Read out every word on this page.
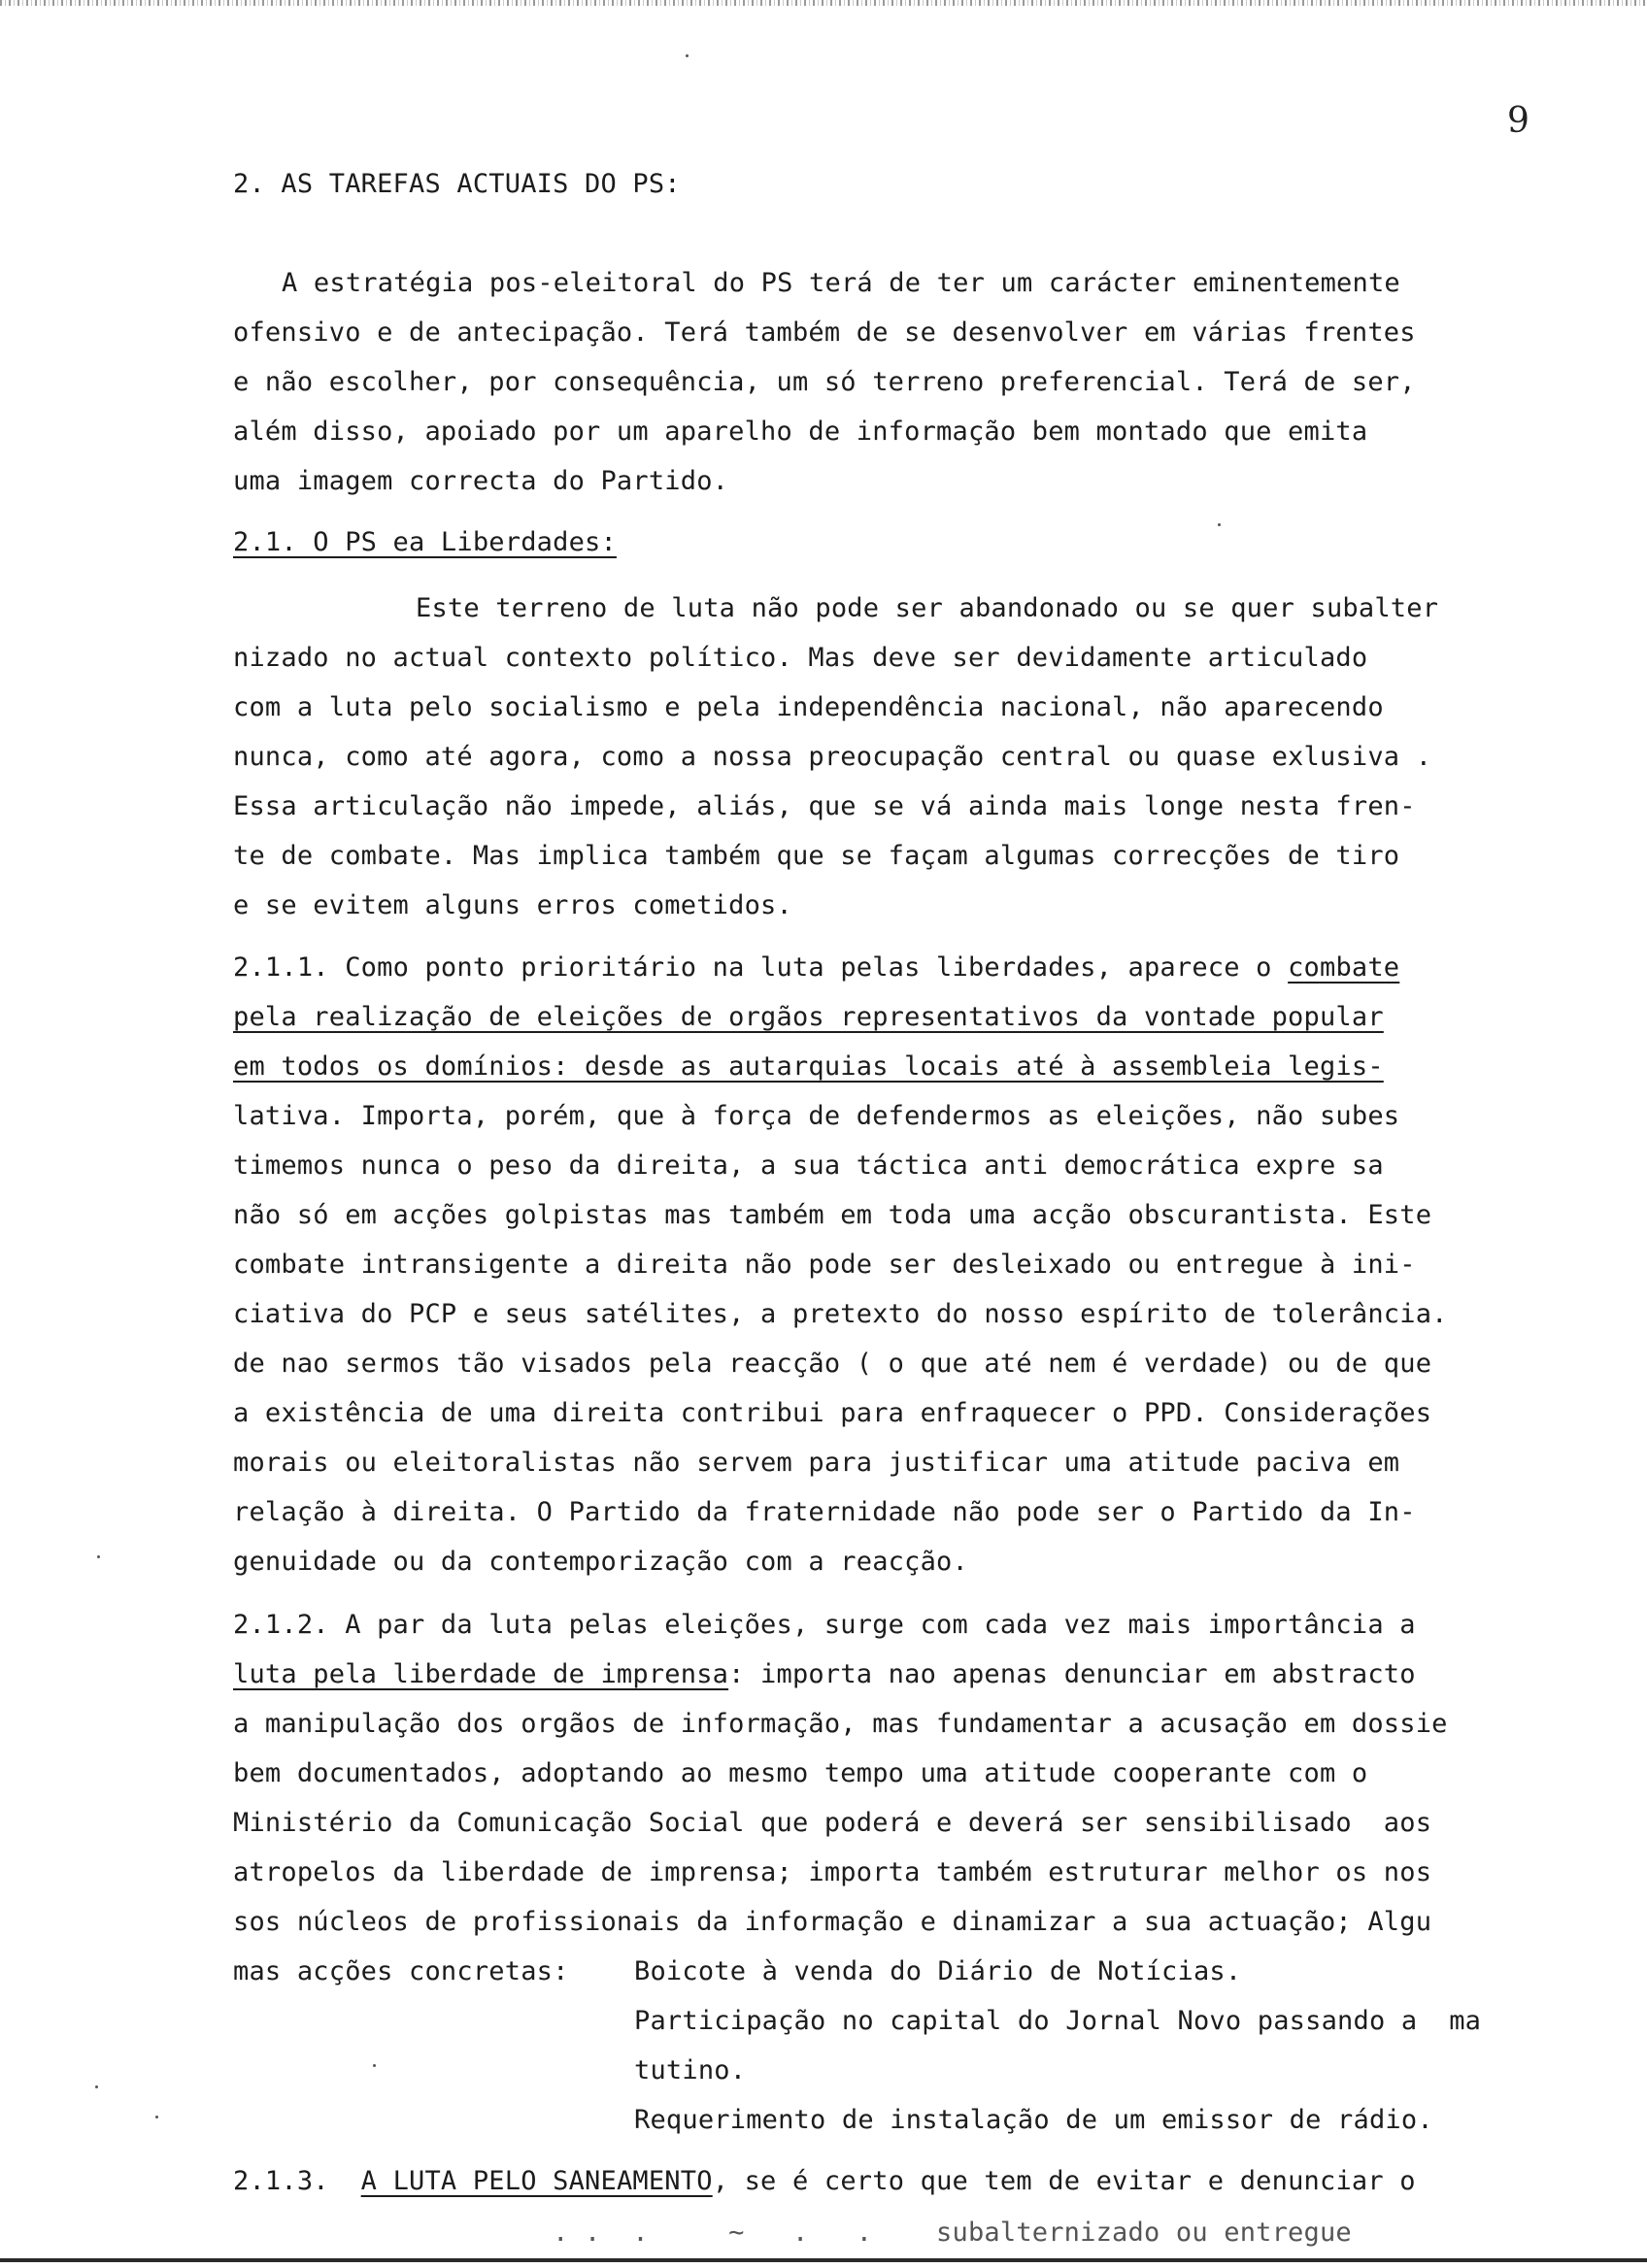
9
2. AS TAREFAS ACTUAIS DO PS:
A estratégia pos-eleitoral do PS terá de ter um carácter eminentemente
ofensivo e de antecipação. Terá também de se desenvolver em várias frentes
e não escolher, por consequência, um só terreno preferencial. Terá de ser,
além disso, apoiado por um aparelho de informação bem montado que emita
uma imagem correcta do Partido.
2.1. O PS ea Liberdades:
Este terreno de luta não pode ser abandonado ou se quer subalter
nizado no actual contexto político. Mas deve ser devidamente articulado
com a luta pelo socialismo e pela independência nacional, não aparecendo
nunca, como até agora, como a nossa preocupação central ou quase exlusiva .
Essa articulação não impede, aliás, que se vá ainda mais longe nesta fren-
te de combate. Mas implica também que se façam algumas correcções de tiro
e se evitem alguns erros cometidos.
2.1.1. Como ponto prioritário na luta pelas liberdades, aparece o combate
pela realização de eleições de orgãos representativos da vontade popular
em todos os domínios: desde as autarquias locais até à assembleia legis-
lativa. Importa, porém, que à força de defendermos as eleições, não subes
timemos nunca o peso da direita, a sua táctica anti democrática expre sa
não só em acções golpistas mas também em toda uma acção obscurantista. Este
combate intransigente a direita não pode ser desleixado ou entregue à ini-
ciativa do PCP e seus satélites, a pretexto do nosso espírito de tolerância.
de nao sermos tão visados pela reacção ( o que até nem é verdade) ou de que
a existência de uma direita contribui para enfraquecer o PPD. Considerações
morais ou eleitoralistas não servem para justificar uma atitude paciva em
relação à direita. O Partido da fraternidade não pode ser o Partido da In-
genuidade ou da contemporização com a reacção.
2.1.2. A par da luta pelas eleições, surge com cada vez mais importância a
luta pela liberdade de imprensa: importa nao apenas denunciar em abstracto
a manipulação dos orgãos de informação, mas fundamentar a acusação em dossie
bem documentados, adoptando ao mesmo tempo uma atitude cooperante com o
Ministério da Comunicação Social que poderá e deverá ser sensibilisado  aos
atropelos da liberdade de imprensa; importa também estruturar melhor os nos
sos núcleos de profissionais da informação e dinamizar a sua actuação; Algu
mas acções concretas: Boicote à venda do Diário de Notícias.
Participação no capital do Jornal Novo passando a  ma
tutino.
Requerimento de instalação de um emissor de rádio.
2.1.3. A LUTA PELO SANEAMENTO, se é certo que tem de evitar e denunciar o
. .  .     ~   .   .    subalternizado ou entregue
